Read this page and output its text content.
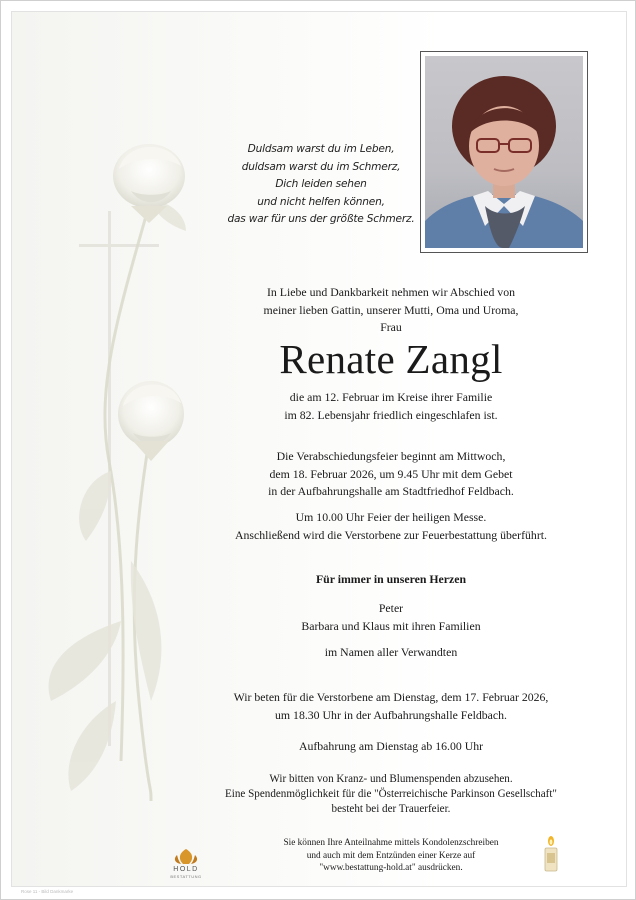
Duldsam warst du im Leben,
duldsam warst du im Schmerz,
Dich leiden sehen
und nicht helfen können,
das war für uns der größte Schmerz.
In Liebe und Dankbarkeit nehmen wir Abschied von
meiner lieben Gattin, unserer Mutti, Oma und Uroma,
Frau
Renate Zangl
die am 12. Februar im Kreise ihrer Familie
im 82. Lebensjahr friedlich eingeschlafen ist.
Die Verabschiedungsfeier beginnt am Mittwoch,
dem 18. Februar 2026, um 9.45 Uhr mit dem Gebet
in der Aufbahrungshalle am Stadtfriedhof Feldbach.
Um 10.00 Uhr Feier der heiligen Messe.
Anschließend wird die Verstorbene zur Feuerbestattung überführt.
Für immer in unseren Herzen
Peter
Barbara und Klaus mit ihren Familien
im Namen aller Verwandten
Wir beten für die Verstorbene am Dienstag, dem 17. Februar 2026,
um 18.30 Uhr in der Aufbahrungshalle Feldbach.
Aufbahrung am Dienstag ab 16.00 Uhr
Wir bitten von Kranz- und Blumenspenden abzusehen.
Eine Spendenmöglichkeit für die "Österreichische Parkinson Gesellschaft"
besteht bei der Trauerfeier.
Sie können Ihre Anteilnahme mittels Kondolenzschreiben
und auch mit dem Entzünden einer Kerze auf
"www.bestattung-hold.at" ausdrücken.
HOLD
BESTATTUNG
Rose 11 - Bild Dankmarke
